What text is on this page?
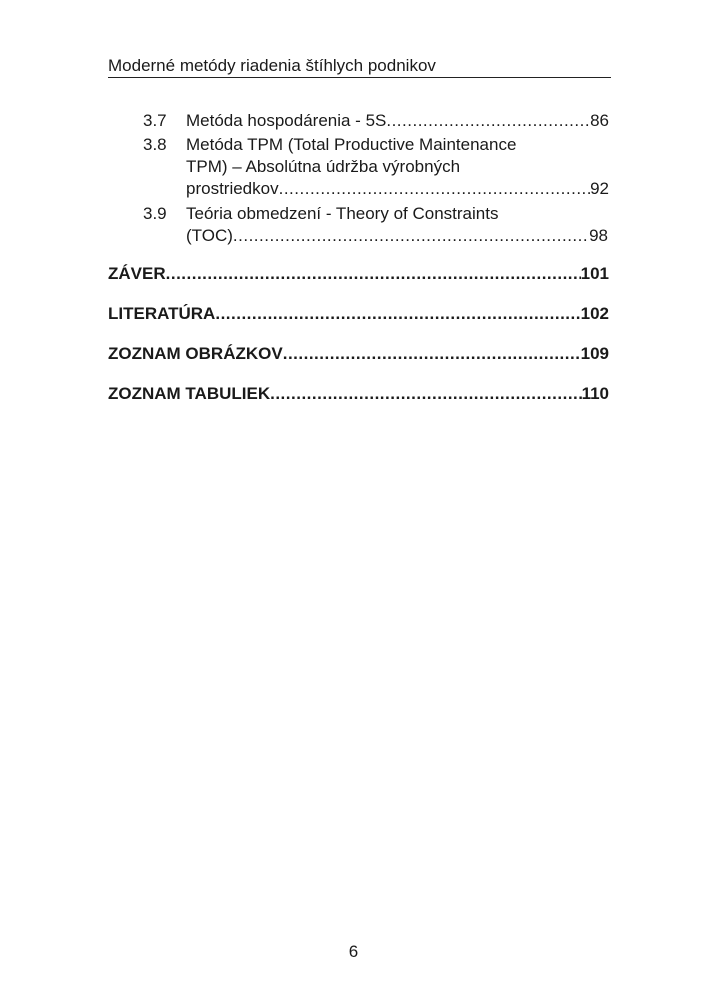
Moderné metódy riadenia štíhlych podnikov
3.7 Metóda hospodárenia - 5S .....	86
3.8 Metóda TPM (Total Productive Maintenance
TPM) – Absolútna údržba výrobných
prostriedkov .....	92
3.9 Teória obmedzení - Theory of Constraints
(TOC) .....	98
ZÁVER .....	101
LITERATÚRA .....	102
ZOZNAM OBRÁZKOV .....	109
ZOZNAM TABULIEK .....	110
6
